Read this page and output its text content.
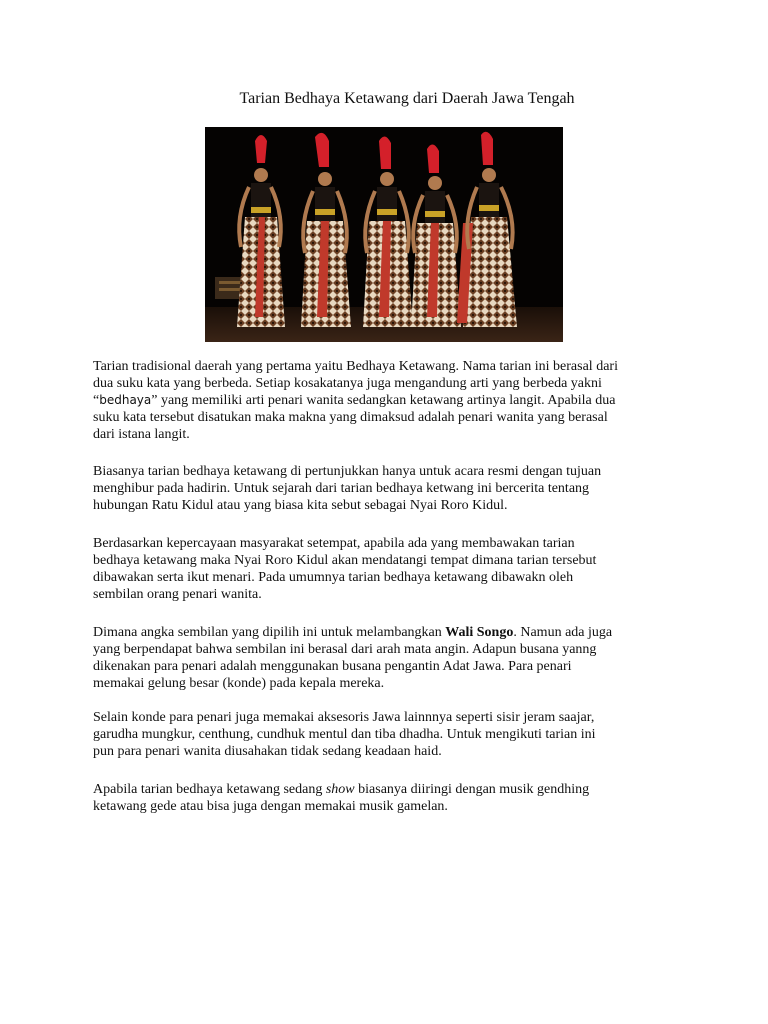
Tarian Bedhaya Ketawang dari Daerah Jawa Tengah

Tarian tradisional daerah yang pertama yaitu Bedhaya Ketawang. Nama tarian ini berasal dari

dua suku kata yang berbeda. Setiap kosakatanya juga mengandung arti yang berbeda yakni

“bedhaya” yang memiliki arti penari wanita sedangkan ketawang artinya langit. Apabila dua

suku kata tersebut disatukan maka makna yang dimaksud adalah penari wanita yang berasal

dari istana langit.

Biasanya tarian bedhaya ketawang di pertunjukkan hanya untuk acara resmi dengan tujuan

menghibur pada hadirin. Untuk sejarah dari tarian bedhaya ketwang ini bercerita tentang

hubungan Ratu Kidul atau yang biasa kita sebut sebagai Nyai Roro Kidul.

Berdasarkan kepercayaan masyarakat setempat, apabila ada yang membawakan tarian

bedhaya ketawang maka Nyai Roro Kidul akan mendatangi tempat dimana tarian tersebut

dibawakan serta ikut menari. Pada umumnya tarian bedhaya ketawang dibawakn oleh

sembilan orang penari wanita.

Dimana angka sembilan yang dipilih ini untuk melambangkan Wali Songo. Namun ada juga

yang berpendapat bahwa sembilan ini berasal dari arah mata angin. Adapun busana yanng

dikenakan para penari adalah menggunakan busana pengantin Adat Jawa. Para penari

memakai gelung besar (konde) pada kepala mereka.

Selain konde para penari juga memakai aksesoris Jawa lainnnya seperti sisir jeram saajar,

garudha mungkur, centhung, cundhuk mentul dan tiba dhadha. Untuk mengikuti tarian ini

pun para penari wanita diusahakan tidak sedang keadaan haid.

Apabila tarian bedhaya ketawang sedang show biasanya diiringi dengan musik gendhing

ketawang gede atau bisa juga dengan memakai musik gamelan.
